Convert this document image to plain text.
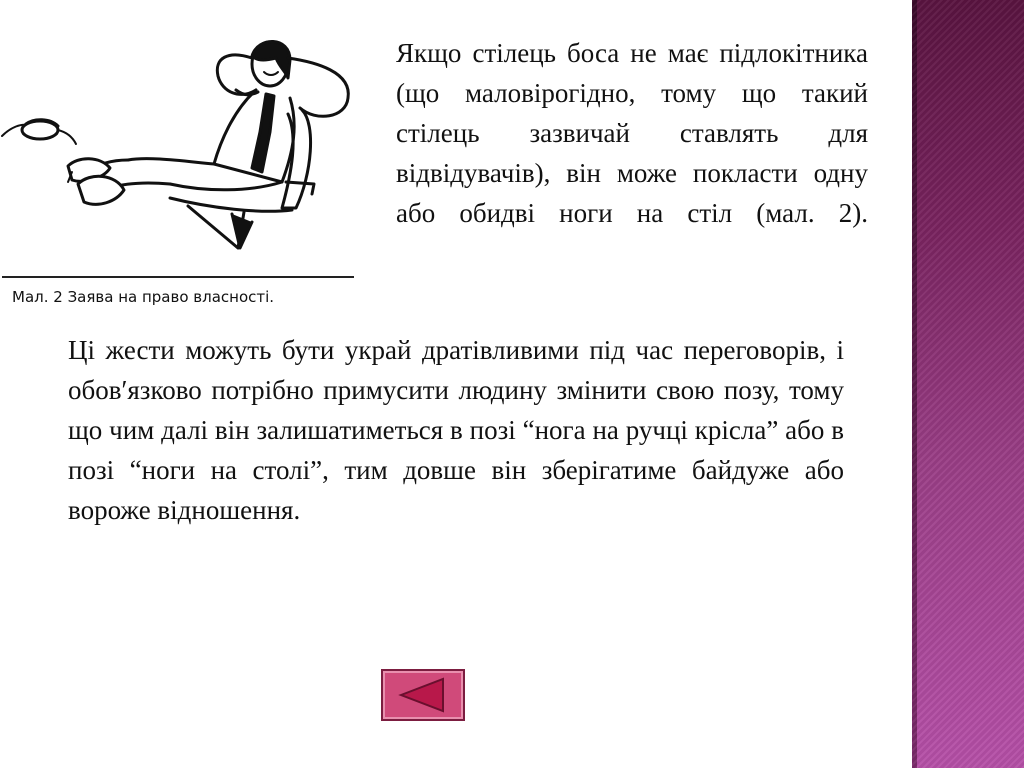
Мал. 2 Заява на право власності.
Якщо стілець боса не має підлокітника (що маловірогідно, тому що такий стілець зазвичай ставлять для відвідувачів), він може покласти одну або обидві ноги на стіл (мал. 2).
Ці жести можуть бути украй дратівливими під час переговорів, і обов′язково потрібно примусити людину змінити свою позу, тому що чим далі він залишатиметься в позі “нога на ручці крісла” або в позі “ноги на столі”, тим довше він зберігатиме байдуже або вороже відношення.
